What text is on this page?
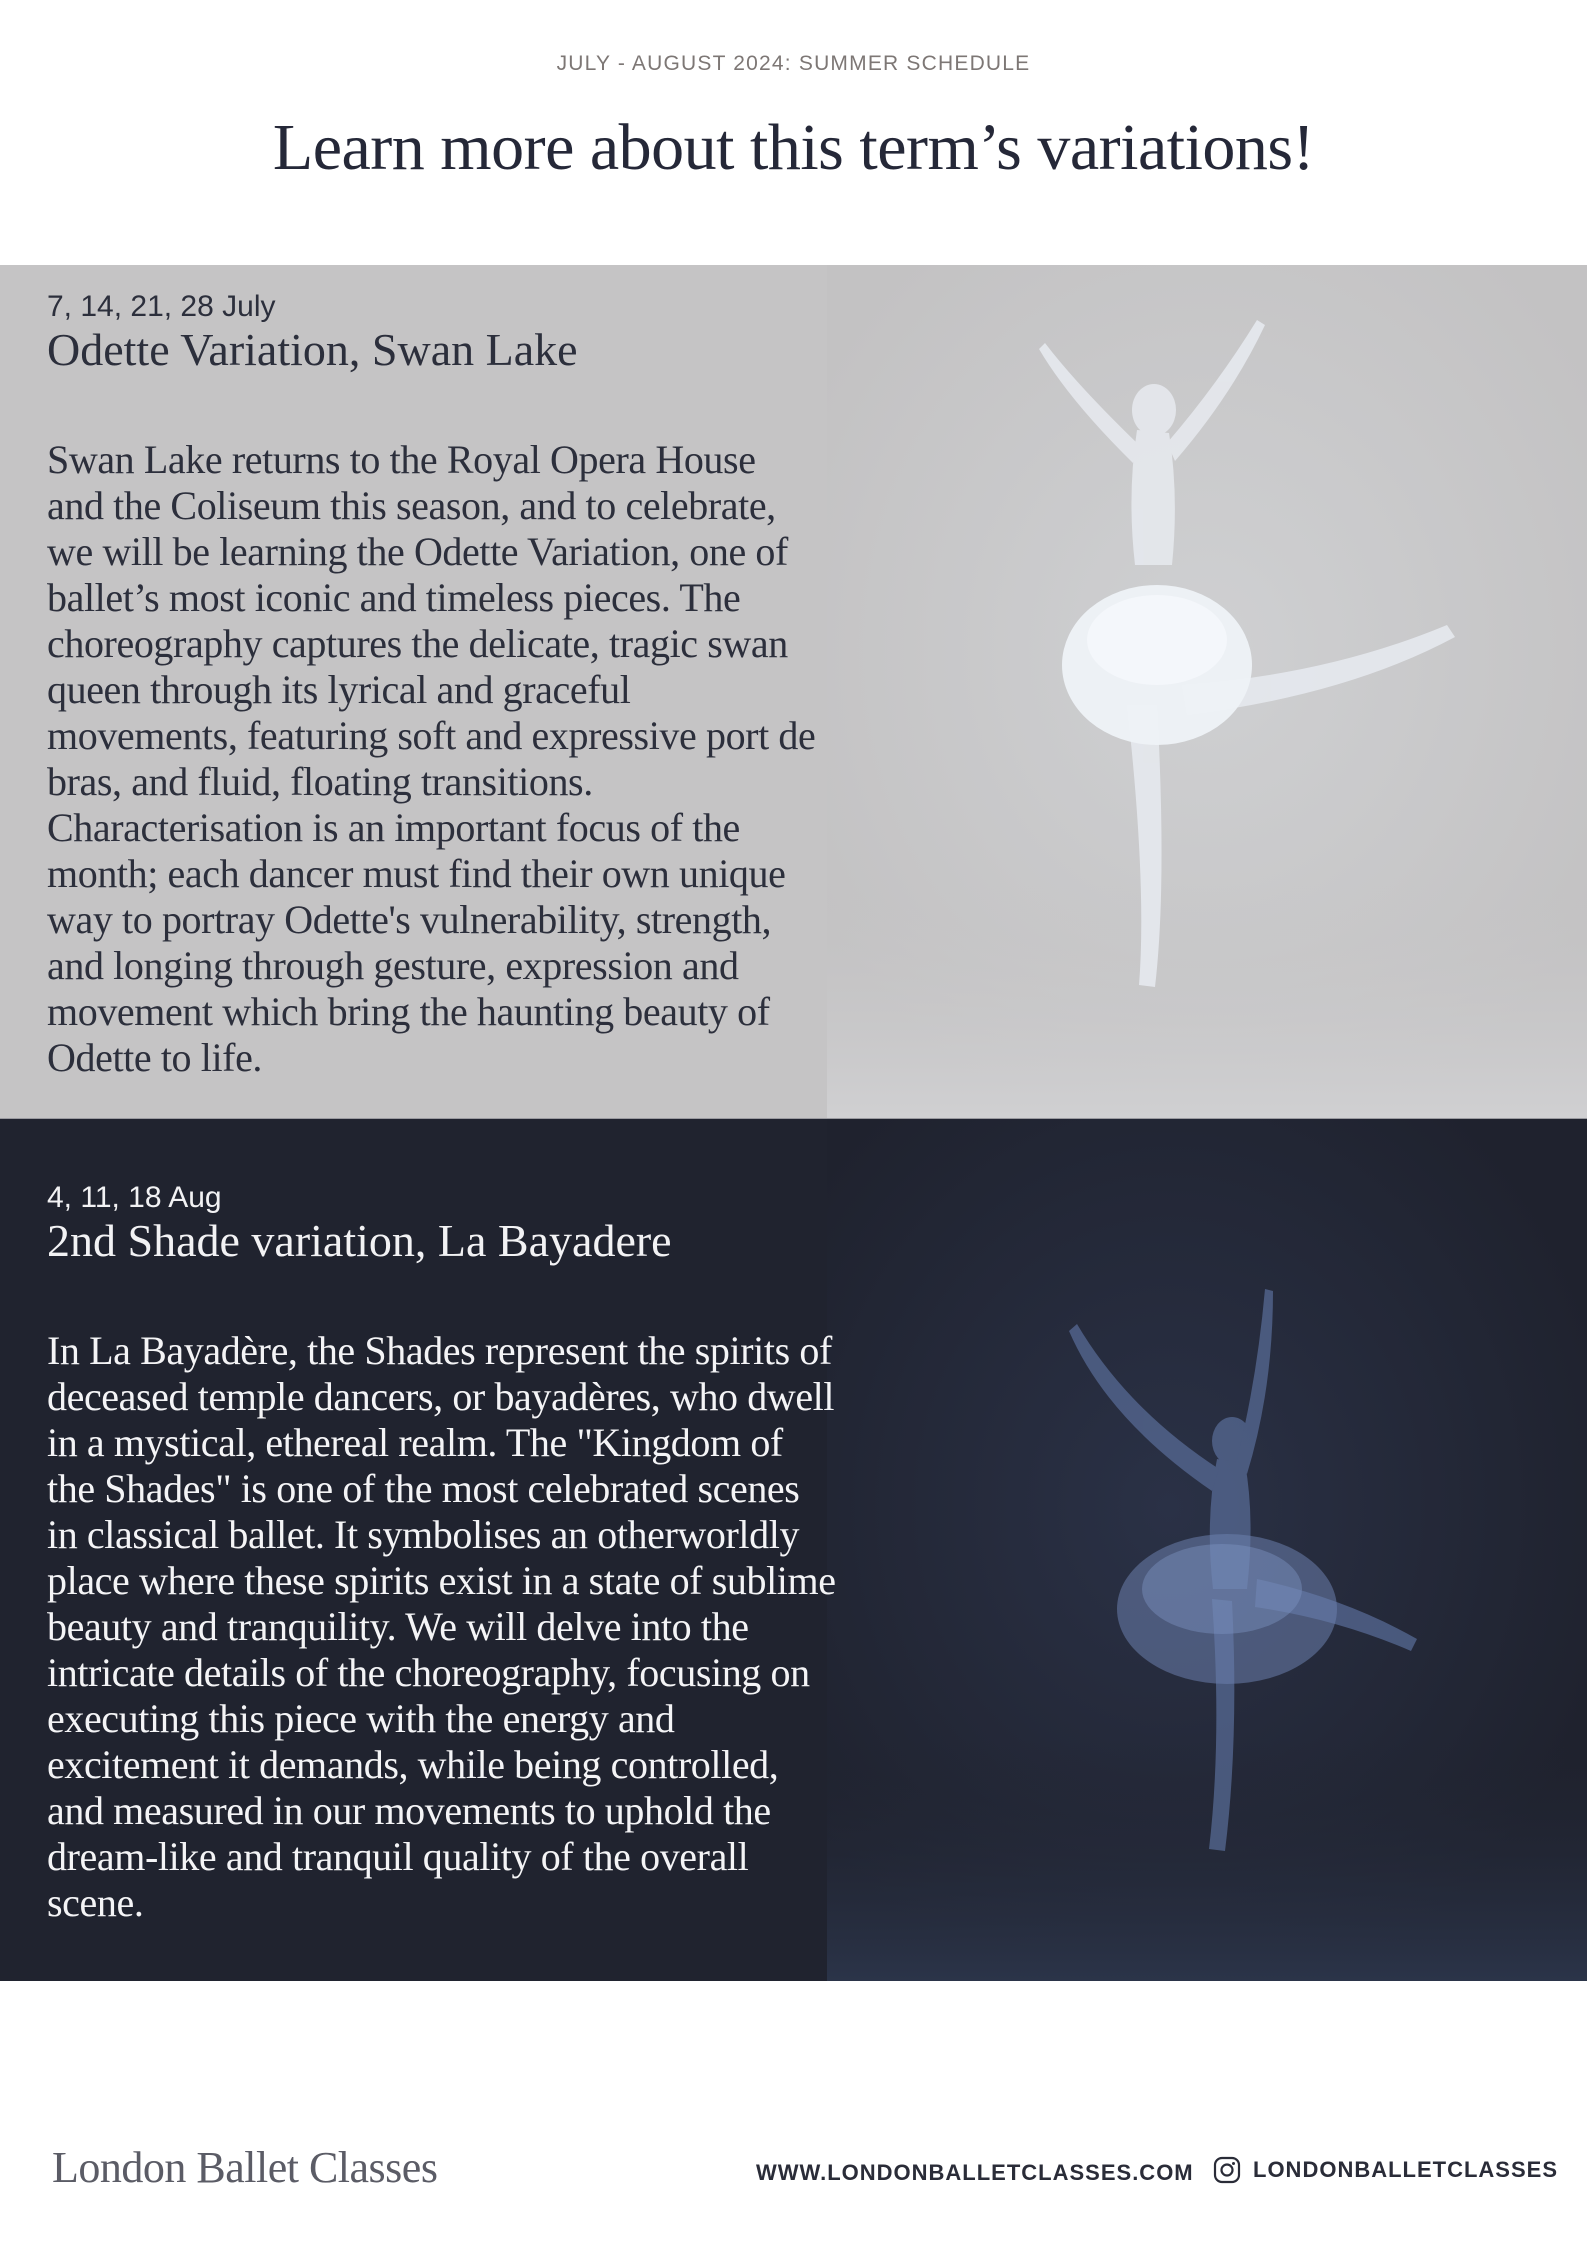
JULY - AUGUST 2024: SUMMER SCHEDULE
Learn more about this term’s variations!
7, 14, 21, 28 July
Odette Variation, Swan Lake

Swan Lake returns to the Royal Opera House and the Coliseum this season, and to celebrate, we will be learning the Odette Variation, one of ballet’s most iconic and timeless pieces. The choreography captures the delicate, tragic swan queen through its lyrical and graceful movements, featuring soft and expressive port de bras, and fluid, floating transitions. Characterisation is an important focus of the month; each dancer must find their own unique way to portray Odette's vulnerability, strength, and longing through gesture, expression and movement which bring the haunting beauty of Odette to life.

4, 11, 18 Aug
2nd Shade variation, La Bayadere

In La Bayadère, the Shades represent the spirits of deceased temple dancers, or bayadères, who dwell in a mystical, ethereal realm. The "Kingdom of the Shades" is one of the most celebrated scenes in classical ballet. It symbolises an otherworldly place where these spirits exist in a state of sublime beauty and tranquility. We will delve into the intricate details of the choreography, focusing on executing this piece with the energy and excitement it demands, while being controlled, and measured in our movements to uphold the dream-like and tranquil quality of the overall scene.

London Ballet Classes	WWW.LONDONBALLETCLASSES.COM	LONDONBALLETCLASSES
